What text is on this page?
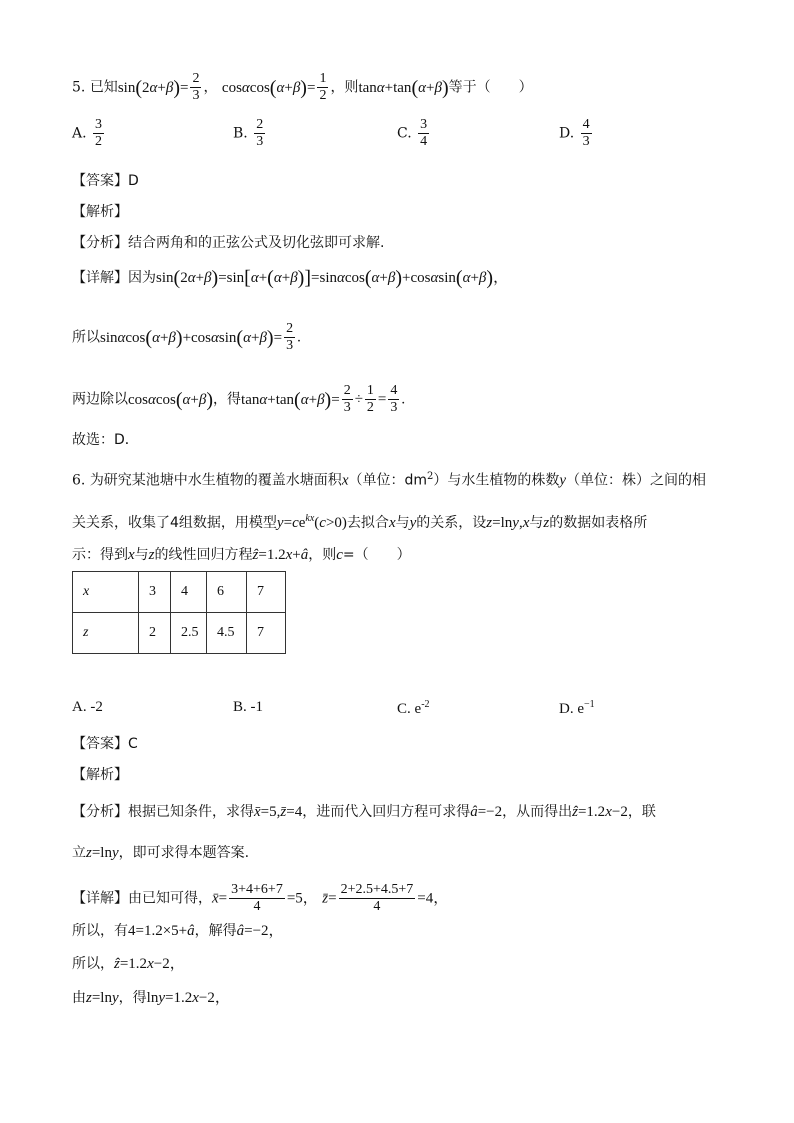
5. 已知$\sin(2\alpha+\beta)= \frac{2}{3}$ ， $\cos\alpha\cos(\alpha+\beta)= \frac{1}{2}$ ，则tanα+tan(α+β)等于（　　）
A. $\frac{3}{2}$	B. $\frac{2}{3}$	C. $\frac{3}{4}$	D. $\frac{4}{3}$
【答案】D
【解析】
【分析】结合两角和的正弦公式及切化弦即可求解.
【详解】因为sin(2α+β)=sin[α+(α+β)]=sinαcos(α+β)+cosαsin(α+β)，
所以$\sin\alpha\cos(\alpha+\beta)+\cos\alpha\sin(\alpha+\beta)= \frac{2}{3}$ .
两边除以cosαcos(α+β)，得$\tan\alpha+\tan(\alpha+\beta)= \frac{2}{3} \div \frac{1}{2} = \frac{4}{3}$ .
故选：D．
6. 为研究某池塘中水生植物的覆盖水塘面积x（单位：$dm^2$）与水生植物的株数y（单位：株）之间的相
关关系，收集了4组数据，用模型$y=ce^{kx}(c>0)$去拟合x与y的关系，设z=lny,x与z的数据如表格所
示：得到x与z的线性回归方程ẑ=1.2x+â，则c=（　　）
x	3	4	6	7
z	2	2.5	4.5	7
A. -2	B. -1	C. $e^{-2}$	D. $e^{-1}$
【答案】C
【解析】
【分析】根据已知条件，求得x̄=5,z̄=4，进而代入回归方程可求得â=−2，从而得出ẑ=1.2x−2，联
立z=lny，即可求得本题答案.
【详解】由已知可得，x̄= $\frac{3+4+6+7}{4} =5$， z̄= $\frac{2+2.5+4.5+7}{4} =4$，
所以，有4=1.2×5+â，解得â=−2，
所以，ẑ=1.2x−2，
由z=lny，得lny=1.2x−2，
